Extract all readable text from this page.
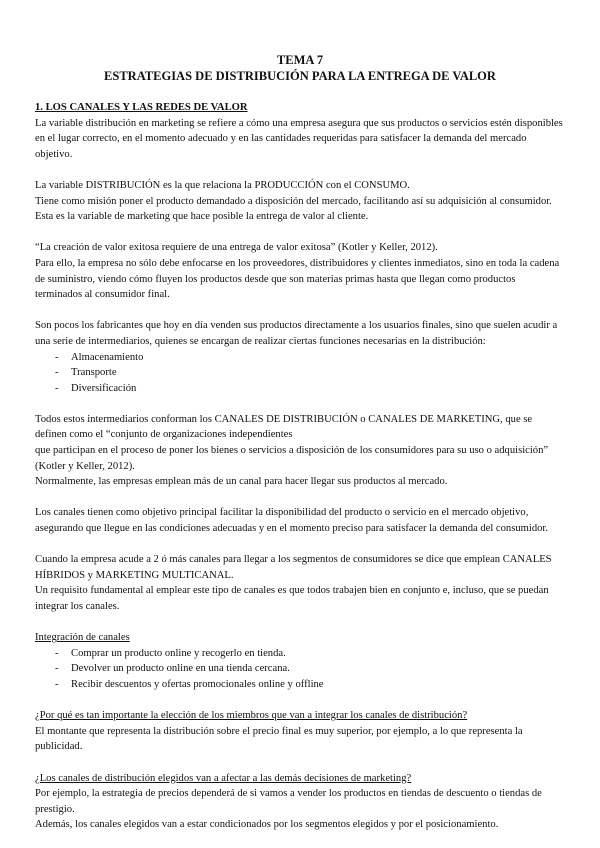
TEMA 7
ESTRATEGIAS DE DISTRIBUCIÓN PARA LA ENTREGA DE VALOR

1. LOS CANALES Y LAS REDES DE VALOR

La variable distribución en marketing se refiere a cómo una empresa asegura que sus productos o servicios estén disponibles en el lugar correcto, en el momento adecuado y en las cantidades requeridas para satisfacer la demanda del mercado objetivo.

La variable DISTRIBUCIÓN es la que relaciona la PRODUCCIÓN con el CONSUMO.

Tiene como misión poner el producto demandado a disposición del mercado, facilitando así su adquisición al consumidor. Esta es la variable de marketing que hace posible la entrega de valor al cliente.

“La creación de valor exitosa requiere de una entrega de valor exitosa” (Kotler y Keller, 2012).

Para ello, la empresa no sólo debe enfocarse en los proveedores, distribuidores y clientes inmediatos, sino en toda la cadena de suministro, viendo cómo fluyen los productos desde que son materias primas hasta que llegan como productos terminados al consumidor final.

Son pocos los fabricantes que hoy en día venden sus productos directamente a los usuarios finales, sino que suelen acudir a una serie de intermediarios, quienes se encargan de realizar ciertas funciones necesarias en la distribución:

- Almacenamiento
- Transporte
- Diversificación

Todos estos intermediarios conforman los CANALES DE DISTRIBUCIÓN o CANALES DE MARKETING, que se definen como el “conjunto de organizaciones independientes

que participan en el proceso de poner los bienes o servicios a disposición de los consumidores para su uso o adquisición” (Kotler y Keller, 2012).

Normalmente, las empresas emplean más de un canal para hacer llegar sus productos al mercado.

Los canales tienen como objetivo principal facilitar la disponibilidad del producto o servicio en el mercado objetivo, asegurando que llegue en las condiciones adecuadas y en el momento preciso para satisfacer la demanda del consumidor.

Cuando la empresa acude a 2 ó más canales para llegar a los segmentos de consumidores se dice que emplean CANALES HÍBRIDOS y MARKETING MULTICANAL.

Un requisito fundamental al emplear este tipo de canales es que todos trabajen bien en conjunto e, incluso, que se puedan integrar los canales.

Integración de canales

- Comprar un producto online y recogerlo en tienda.
- Devolver un producto online en una tienda cercana.
- Recibir descuentos y ofertas promocionales online y offline

¿Por qué es tan importante la elección de los miembros que van a integrar los canales de distribución?

El montante que representa la distribución sobre el precio final es muy superior, por ejemplo, a lo que representa la publicidad.

¿Los canales de distribución elegidos van a afectar a las demás decisiones de marketing?

Por ejemplo, la estrategia de precios dependerá de si vamos a vender los productos en tiendas de descuento o tiendas de prestigio.

Además, los canales elegidos van a estar condicionados por los segmentos elegidos y por el posicionamiento.
